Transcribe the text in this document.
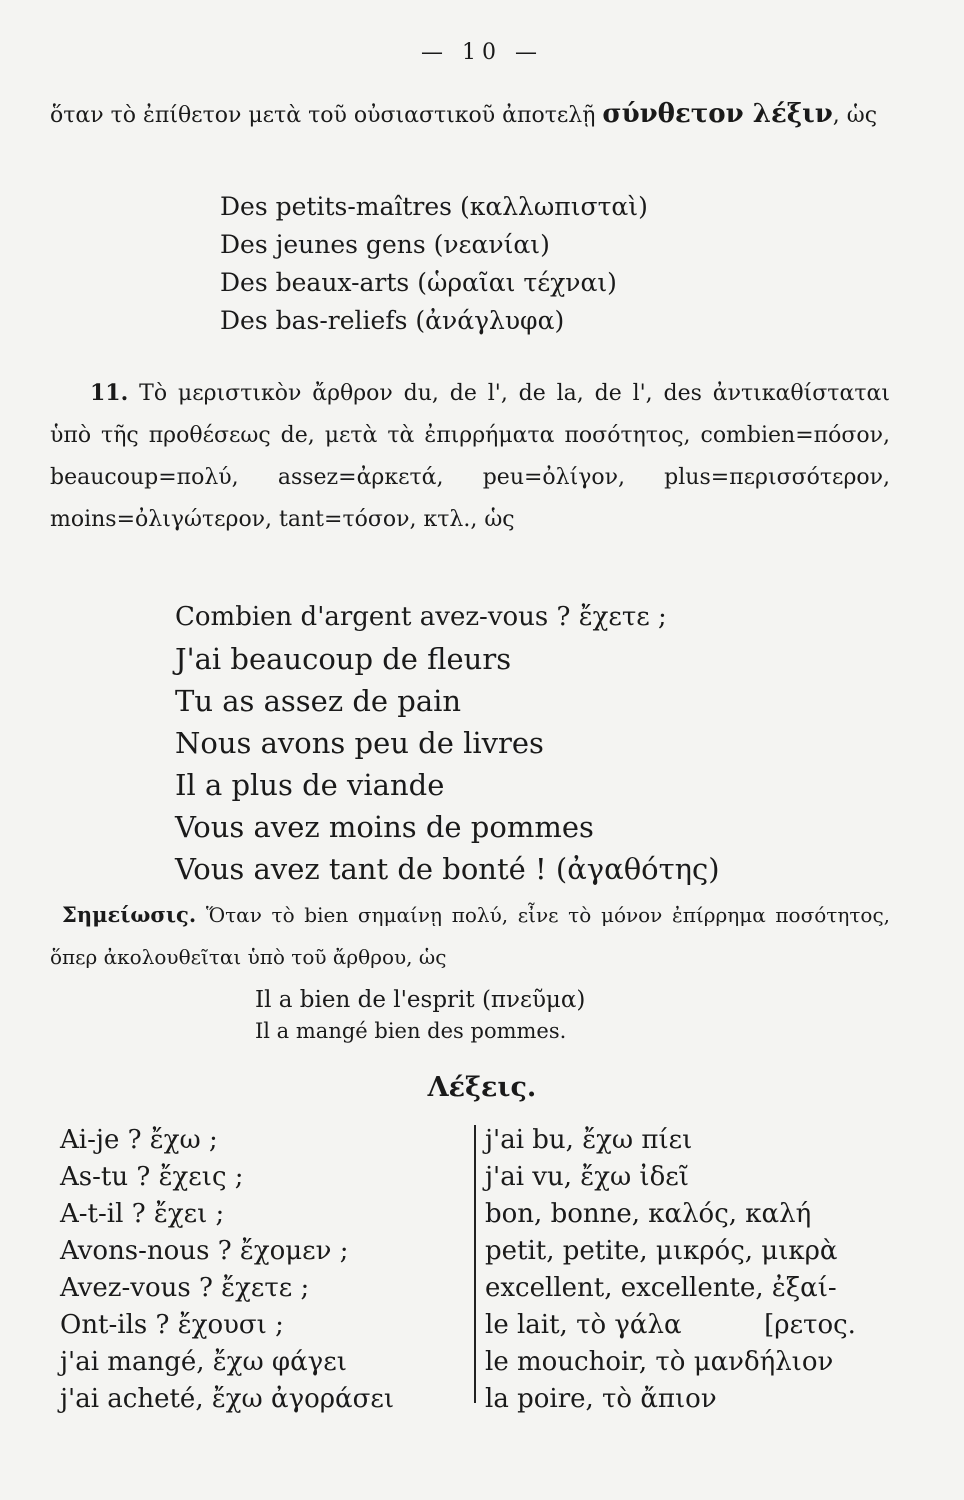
— 10 —
ὅταν τὸ ἐπίθετον μετὰ τοῦ οὐσιαστικοῦ ἀποτελῇ σύνθετον λέξιν, ὡς
Des petits-maîtres (καλλωπισταὶ)
Des jeunes gens (νεανίαι)
Des beaux-arts (ὡραῖαι τέχναι)
Des bas-reliefs (ἀνάγλυφα)
11. Τὸ μεριστικὸν ἄρθρον du, de l', de la, de l', des ἀντικαθίσταται ὑπὸ τῆς προθέσεως de, μετὰ τὰ ἐπιρρήματα ποσότητος, combien=πόσον, beaucoup=πολύ, assez=ἀρκετά, peu=ὀλίγον, plus=περισσότερον, moins=ὀλιγώτερον, tant=τόσον, κτλ., ὡς
Combien d'argent avez-vous ? ἔχετε ;
J'ai beaucoup de fleurs
Tu as assez de pain
Nous avons peu de livres
Il a plus de viande
Vous avez moins de pommes
Vous avez tant de bonté ! (ἀγαθότης)
Σημείωσις. Ὅταν τὸ bien σημαίνῃ πολύ, εἶνε τὸ μόνον ἐπίρρημα ποσότητος, ὅπερ ἀκολουθεῖται ὑπὸ τοῦ ἄρθρου, ὡς
Il a bien de l'esprit (πνεῦμα)
Il a mangé bien des pommes.
Λέξεις.
Ai-je ? ἔχω ;
As-tu ? ἔχεις ;
A-t-il ? ἔχει ;
Avons-nous ? ἔχομεν ;
Avez-vous ? ἔχετε ;
Ont-ils ? ἔχουσι ;
j'ai mangé, ἔχω φάγει
j'ai acheté, ἔχω ἀγοράσει
j'ai bu, ἔχω πίει
j'ai vu, ἔχω ἰδεῖ
bon, bonne, καλός, καλή
petit, petite, μικρός, μικρὰ
excellent, excellente, ἐξαί-
le lait, τὸ γάλα          [ρετος.
le mouchoir, τὸ μανδήλιον
la poire, τὸ ἄπιον
